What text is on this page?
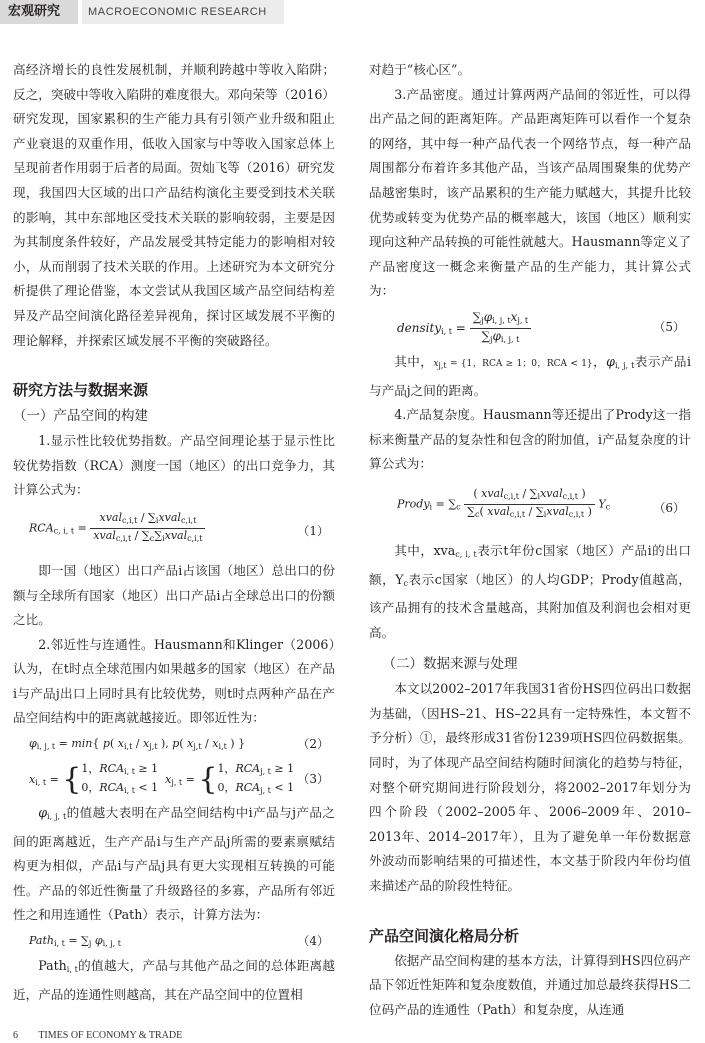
宏观研究	MACROECONOMIC RESEARCH

高经济增长的良性发展机制，并顺利跨越中等收入陷阱；反之，突破中等收入陷阱的难度很大。邓向荣等（2016）研究发现，国家累积的生产能力具有引领产业升级和阻止产业衰退的双重作用，低收入国家与中等收入国家总体上呈现前者作用弱于后者的局面。贺灿飞等（2016）研究发现，我国四大区域的出口产品结构演化主要受到技术关联的影响，其中东部地区受技术关联的影响较弱，主要是因为其制度条件较好，产品发展受其特定能力的影响相对较小，从而削弱了技术关联的作用。上述研究为本文研究分析提供了理论借鉴，本文尝试从我国区域产品空间结构差异及产品空间演化路径差异视角，探讨区域发展不平衡的理论解释，并探索区域发展不平衡的突破路径。

研究方法与数据来源

（一）产品空间的构建

1.显示性比较优势指数。产品空间理论基于显示性比较优势指数（RCA）测度一国（地区）的出口竞争力，其计算公式为：

$RCA_{c, i, t} = \frac{xval_{c,i,t} / \sum_ixval_{c,i,t}}{xval_{c,i,t} / \sum_c\sum_ixval_{c,i,t}}$	（1）

即一国（地区）出口产品i占该国（地区）总出口的份额与全球所有国家（地区）出口产品i占全球总出口的份额之比。

2.邻近性与连通性。Hausmann和Klinger（2006）认为，在t时点全球范围内如果越多的国家（地区）在产品i与产品j出口上同时具有比较优势，则t时点两种产品在产品空间结构中的距离就越接近。即邻近性为：

$\varphi_{i, j, t} = \min${ p( $x_{i,t} / x_{j,t}$ ), p( $x_{j,t} / x_{i,t}$ ) }	（2）
$x_{i, t} = \{1$，$RCA_{i, t} \ge 1$
0，$RCA_{i, t} < 1$  $x_{j, t} = \{1$，$RCA_{j, t} \ge 1$
0，$RCA_{j, t} < 1$
（3）

$\varphi_{i, j, t}$的值越大表明在产品空间结构中i产品与j产品之间的距离越近，生产产品i与生产产品j所需的要素禀赋结构更为相似，产品i与产品j具有更大实现相互转换的可能性。产品的邻近性衡量了升级路径的多寡，产品所有邻近性之和用连通性（Path）表示，计算方法为：

Path$_{i, t}$ = $\sum_j$ $\varphi_{i, j, t}$	（4）

Path$_{i, t}$的值越大，产品与其他产品之间的总体距离越近，产品的连通性则越高，其在产品空间中的位置相

对趋于“核心区”。

3.产品密度。通过计算两两产品间的邻近性，可以得出产品之间的距离矩阵。产品距离矩阵可以看作一个复杂的网络，其中每一种产品代表一个网络节点，每一种产品周围都分布着许多其他产品，当该产品周围聚集的优势产品越密集时，该产品累积的生产能力赋越大，其提升比较优势或转变为优势产品的概率越大，该国（地区）顺利实现向这种产品转换的可能性就越大。Hausmann等定义了产品密度这一概念来衡量产品的生产能力，其计算公式为：

density$_{i, t}$ = $\frac{\sum_j\varphi_{i, j, t}x_{j, t}}{\sum_j\varphi_{i, j, t}}$	（5）

其中，xj,t = {1，RCA ≥ 1；0，RCA < 1}，$\varphi_{i, j, t}$表示产品i与产品j之间的距离。

4.产品复杂度。Hausmann等还提出了Prody这一指标来衡量产品的复杂性和包含的附加值，i产品复杂度的计算公式为：

Prody$_i$ = $\sum_c \frac{( xval_{c,i,t} / \sum_ixval_{c,i,t} )}{\sum_c( xval_{c,i,t} / \sum_ixval_{c,i,t} )} Y_c$	（6）

其中，xva$_{c, i, t}$表示t年份c国家（地区）产品i的出口额，$Y_c$表示c国家（地区）的人均GDP；Prody值越高，该产品拥有的技术含量越高，其附加值及利润也会相对更高。

（二）数据来源与处理

本文以2002–2017年我国31省份HS四位码出口数据为基础，（因HS–21、HS–22具有一定特殊性，本文暂不予分析）①，最终形成31省份1239项HS四位码数据集。同时，为了体现产品空间结构随时间演化的趋势与特征，对整个研究期间进行阶段划分，将2002–2017年划分为四个阶段（2002–2005年、2006–2009年、2010–2013年、2014–2017年），且为了避免单一年份数据意外波动而影响结果的可描述性，本文基于阶段内年份均值来描述产品的阶段性特征。

产品空间演化格局分析

依据产品空间构建的基本方法，计算得到HS四位码产品下邻近性矩阵和复杂度数值，并通过加总最终获得HS二位码产品的连通性（Path）和复杂度，从连通

6 TIMES OF ECONOMY & TRADE
